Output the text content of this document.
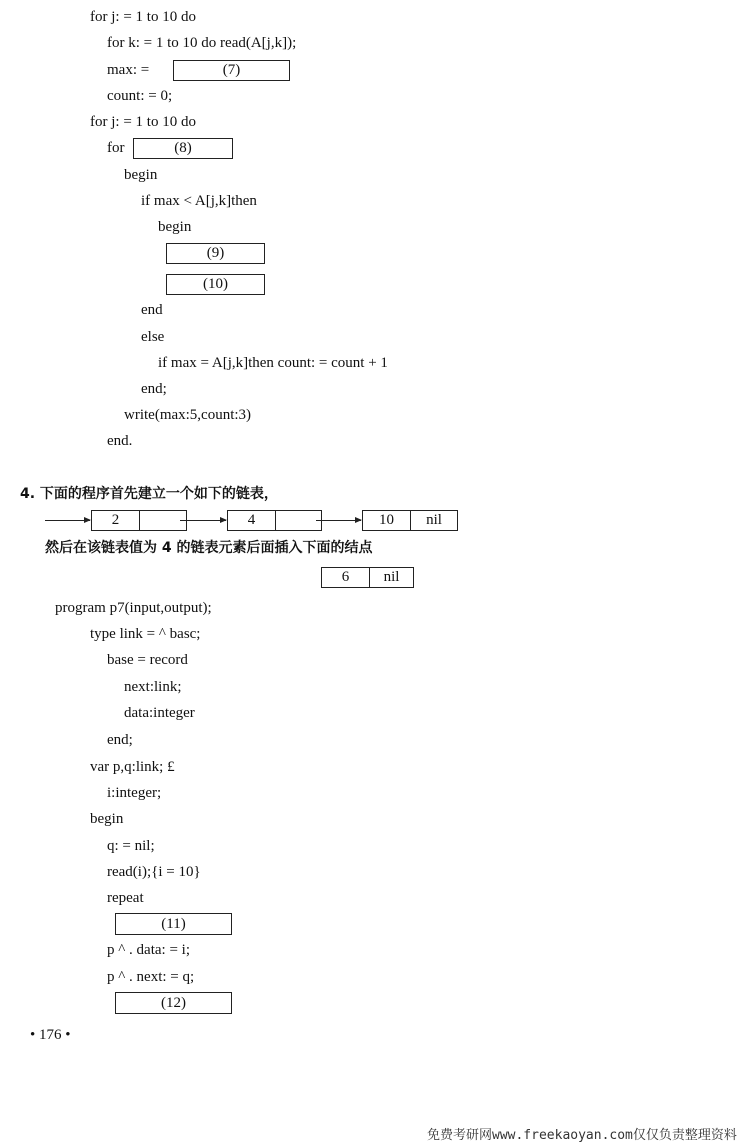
for j: = 1 to 10 do
for k: = 1 to 10 do read(A[j,k]);
max: =	(7)
count: = 0;
for j: = 1 to 10 do
for	(8)
begin
if max < A[j,k]then
begin
(9)
(10)
end
else
if max = A[j,k]then count: = count + 1
end;
write(max:5,count:3)
end.
4. 下面的程序首先建立一个如下的链表，
2	4	10	nil
然后在该链表值为 4 的链表元素后面插入下面的结点
6	nil
program p7(input,output);
type link = ^ basc;
base = record
next:link;
data:integer
end;
var p,q:link; £
i:integer;
begin
q: = nil;
read(i);{i = 10}
repeat
(11)
p ^ . data: = i;
p ^ . next: = q;
(12)
• 176 •
免费考研网www.freekaoyan.com仅仅负责整理资料
